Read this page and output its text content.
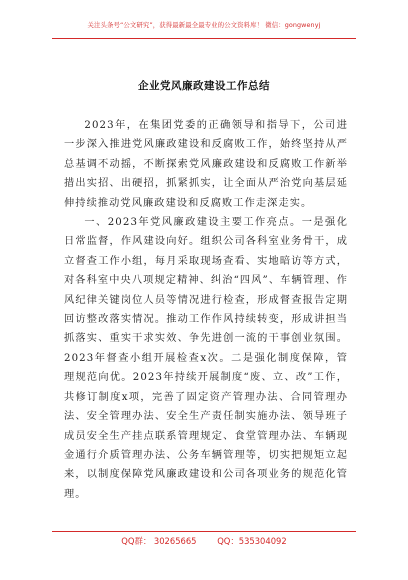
关注头条号“公文研究”，获得最新最全最专业的公文资料库！ 微信：gongwenyj
企业党风廉政建设工作总结

2023年，在集团党委的正确领导和指导下，公司进一步深入推进党风廉政建设和反腐败工作，始终坚持从严总基调不动摇，不断探索党风廉政建设和反腐败工作新举措出实招、出硬招，抓紧抓实，让全面从严治党向基层延伸持续推动党风廉政建设和反腐败工作走深走实。

一、2023年党风廉政建设主要工作亮点。一是强化日常监督，作风建设向好。组织公司各科室业务骨干，成立督查工作小组，每月采取现场查看、实地暗访等方式，对各科室中央八项规定精神、纠治“四风”、车辆管理、作风纪律关键岗位人员等情况进行检查，形成督查报告定期回访整改落实情况。推动工作作风持续转变，形成讲担当抓落实、重实干求实效、争先进创一流的干事创业氛围。2023年督查小组开展检查x次。二是强化制度保障，管理规范向优。2023年持续开展制度“废、立、改”工作，共修订制度x项，完善了固定资产管理办法、合同管理办法、安全管理办法、安全生产责任制实施办法、领导班子成员安全生产挂点联系管理规定、食堂管理办法、车辆现金通行介质管理办法、公务车辆管理等，切实把规矩立起来，以制度保障党风廉政建设和公司各项业务的规范化管理。

QQ群： 30265665 QQ：535304092
